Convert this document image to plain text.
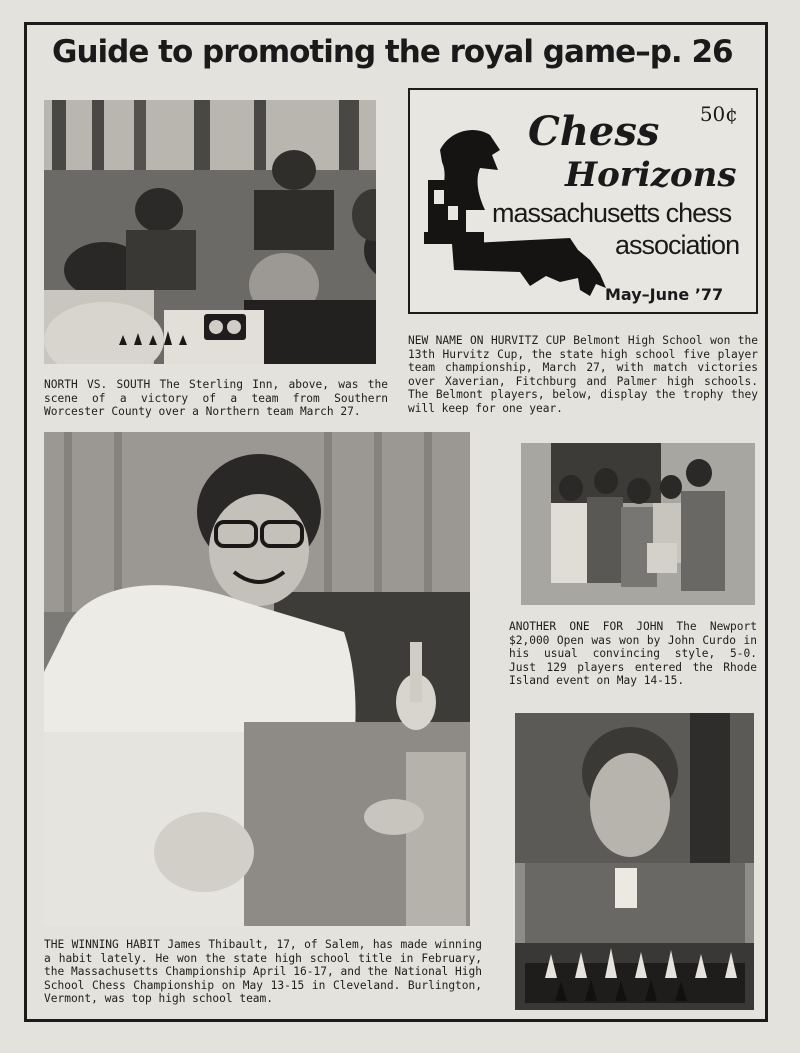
Guide to promoting the royal game–p. 26
NORTH VS. SOUTH The Sterling Inn, above, was the scene of a victory of a team from Southern Worcester County over a Northern team March 27.
Chess
Horizons
50¢
massachusetts chess
association
May–June ’77
NEW NAME ON HURVITZ CUP Belmont High School won the 13th Hurvitz Cup, the state high school five player team championship, March 27, with match victories over Xaverian, Fitchburg and Palmer high schools. The Belmont players, below, display the trophy they will keep for one year.
ANOTHER ONE FOR JOHN The Newport $2,000 Open was won by John Curdo in his usual convincing style, 5-0. Just 129 players entered the Rhode Island event on May 14-15.
THE WINNING HABIT James Thibault, 17, of Salem, has made winning a habit lately. He won the state high school title in February, the Massachusetts Championship April 16-17, and the National High School Chess Championship on May 13-15 in Cleveland. Burlington, Vermont, was top high school team.
